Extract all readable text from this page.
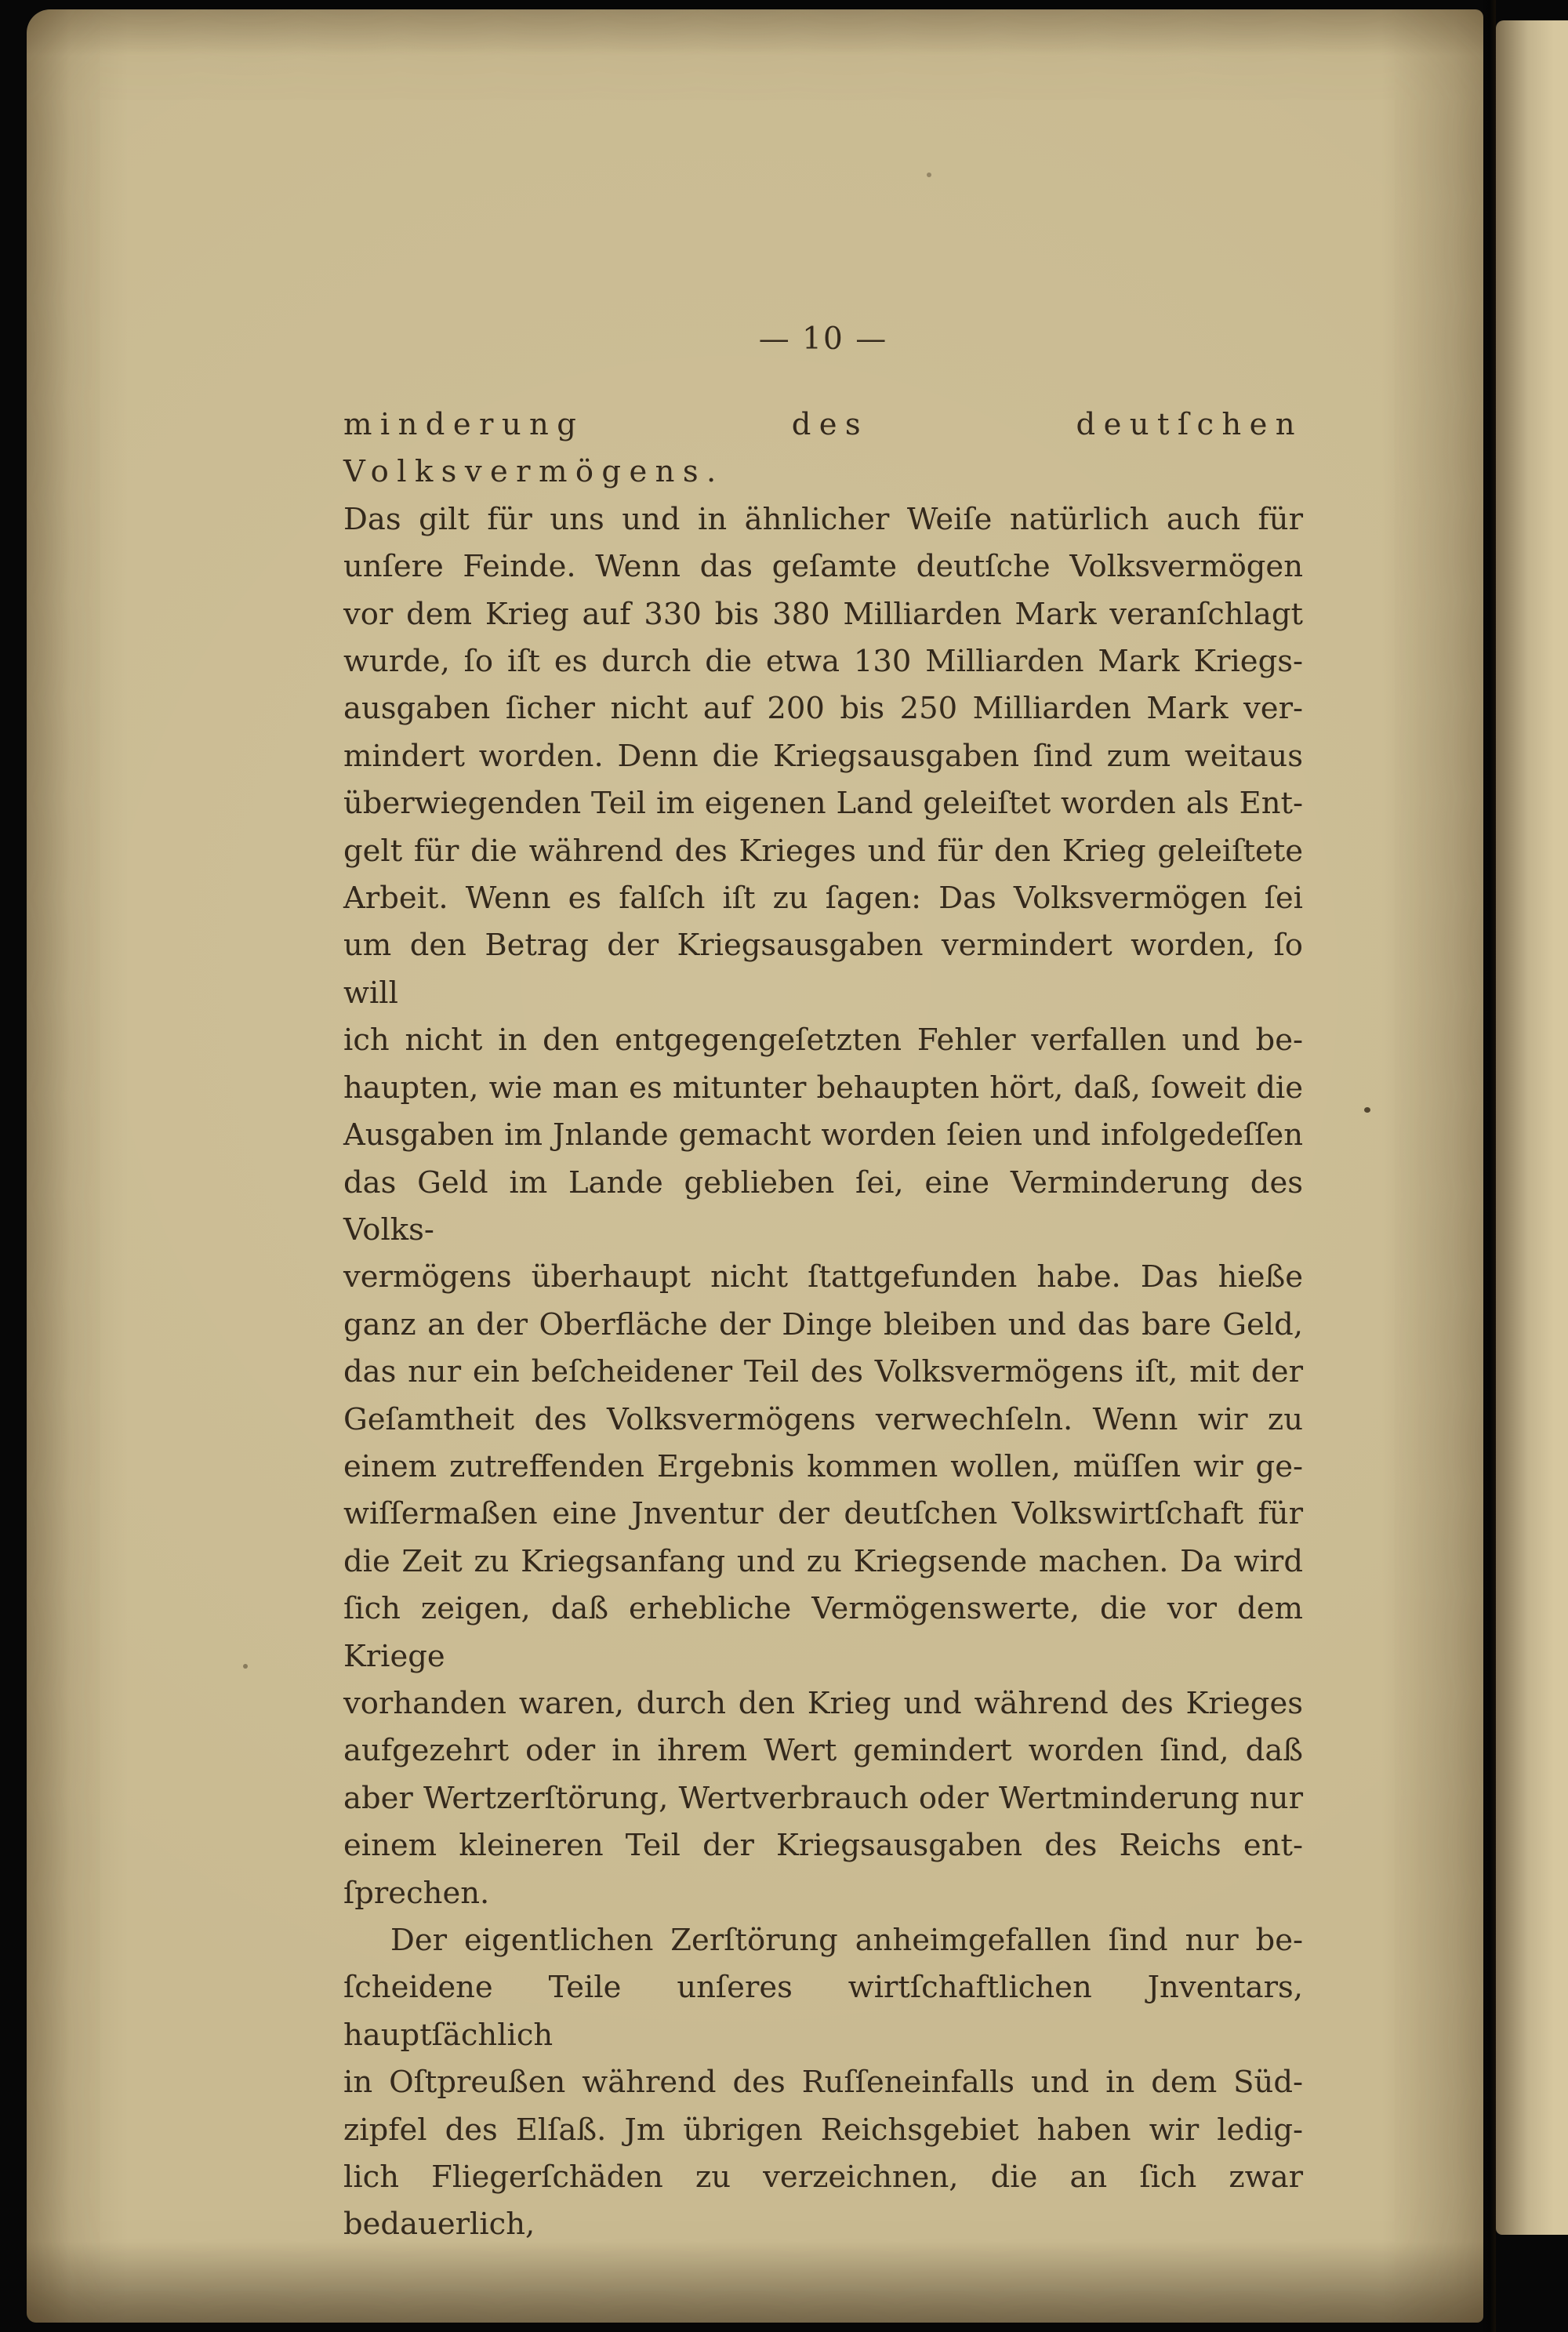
— 10 —
minderung des deutſchen Volksvermögens.
Das gilt für uns und in ähnlicher Weiſe natürlich auch für
unſere Feinde. Wenn das geſamte deutſche Volksvermögen
vor dem Krieg auf 330 bis 380 Milliarden Mark veranſchlagt
wurde, ſo iſt es durch die etwa 130 Milliarden Mark Kriegs-
ausgaben ſicher nicht auf 200 bis 250 Milliarden Mark ver-
mindert worden. Denn die Kriegsausgaben ſind zum weitaus
überwiegenden Teil im eigenen Land geleiſtet worden als Ent-
gelt für die während des Krieges und für den Krieg geleiſtete
Arbeit. Wenn es falſch iſt zu ſagen: Das Volksvermögen ſei
um den Betrag der Kriegsausgaben vermindert worden, ſo will
ich nicht in den entgegengeſetzten Fehler verfallen und be-
haupten, wie man es mitunter behaupten hört, daß, ſoweit die
Ausgaben im Jnlande gemacht worden ſeien und infolgedeſſen
das Geld im Lande geblieben ſei, eine Verminderung des Volks-
vermögens überhaupt nicht ſtattgefunden habe. Das hieße
ganz an der Oberfläche der Dinge bleiben und das bare Geld,
das nur ein beſcheidener Teil des Volksvermögens iſt, mit der
Geſamtheit des Volksvermögens verwechſeln. Wenn wir zu
einem zutreffenden Ergebnis kommen wollen, müſſen wir ge-
wiſſermaßen eine Jnventur der deutſchen Volkswirtſchaft für
die Zeit zu Kriegsanfang und zu Kriegsende machen. Da wird
ſich zeigen, daß erhebliche Vermögenswerte, die vor dem Kriege
vorhanden waren, durch den Krieg und während des Krieges
aufgezehrt oder in ihrem Wert gemindert worden ſind, daß
aber Wertzerſtörung, Wertverbrauch oder Wertminderung nur
einem kleineren Teil der Kriegsausgaben des Reichs ent-
ſprechen.
Der eigentlichen Zerſtörung anheimgefallen ſind nur be-
ſcheidene Teile unſeres wirtſchaftlichen Jnventars, hauptſächlich
in Oſtpreußen während des Ruſſeneinfalls und in dem Süd-
zipfel des Elſaß. Jm übrigen Reichsgebiet haben wir ledig-
lich Fliegerſchäden zu verzeichnen, die an ſich zwar bedauerlich,
